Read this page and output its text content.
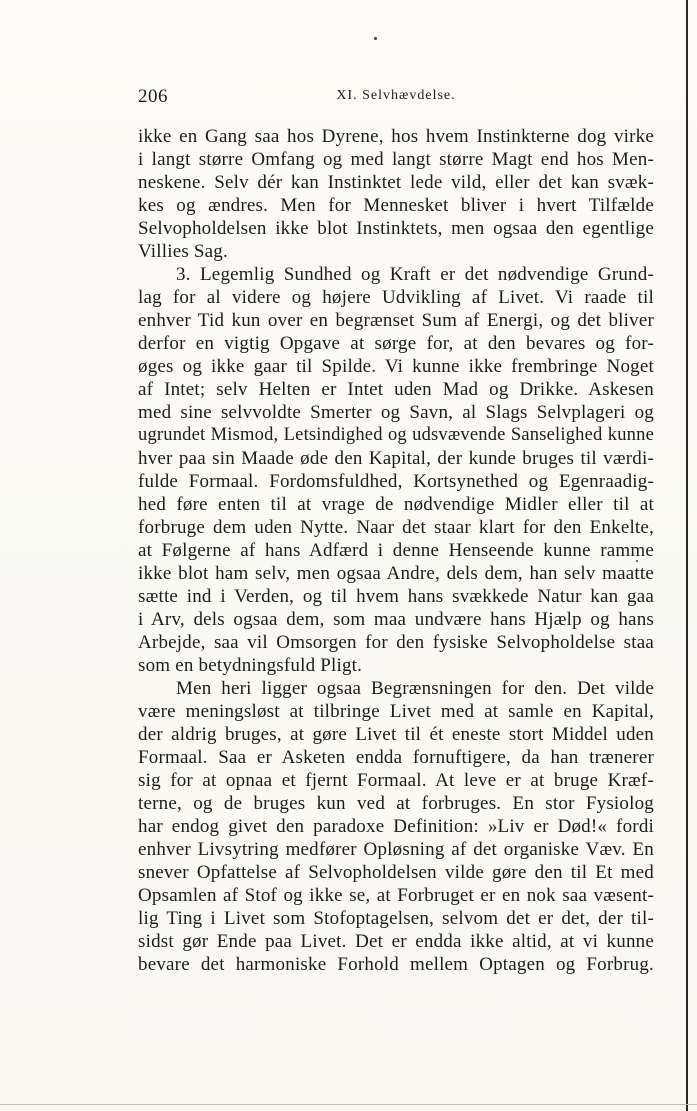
206	XI. Selvhævdelse.
ikke en Gang saa hos Dyrene, hos hvem Instinkterne dog virke
i langt større Omfang og med langt større Magt end hos Men-
neskene. Selv dér kan Instinktet lede vild, eller det kan svæk-
kes og ændres. Men for Mennesket bliver i hvert Tilfælde
Selvopholdelsen ikke blot Instinktets, men ogsaa den egentlige
Villies Sag.
3. Legemlig Sundhed og Kraft er det nødvendige Grund-
lag for al videre og højere Udvikling af Livet. Vi raade til
enhver Tid kun over en begrænset Sum af Energi, og det bliver
derfor en vigtig Opgave at sørge for, at den bevares og for-
øges og ikke gaar til Spilde. Vi kunne ikke frembringe Noget
af Intet; selv Helten er Intet uden Mad og Drikke. Askesen
med sine selvvoldte Smerter og Savn, al Slags Selvplageri og
ugrundet Mismod, Letsindighed og udsvævende Sanselighed kunne
hver paa sin Maade øde den Kapital, der kunde bruges til værdi-
fulde Formaal. Fordomsfuldhed, Kortsynethed og Egenraadig-
hed føre enten til at vrage de nødvendige Midler eller til at
forbruge dem uden Nytte. Naar det staar klart for den Enkelte,
at Følgerne af hans Adfærd i denne Henseende kunne ramme
ikke blot ham selv, men ogsaa Andre, dels dem, han selv maatte
sætte ind i Verden, og til hvem hans svækkede Natur kan gaa
i Arv, dels ogsaa dem, som maa undvære hans Hjælp og hans
Arbejde, saa vil Omsorgen for den fysiske Selvopholdelse staa
som en betydningsfuld Pligt.
Men heri ligger ogsaa Begrænsningen for den. Det vilde
være meningsløst at tilbringe Livet med at samle en Kapital,
der aldrig bruges, at gøre Livet til ét eneste stort Middel uden
Formaal. Saa er Asketen endda fornuftigere, da han trænerer
sig for at opnaa et fjernt Formaal. At leve er at bruge Kræf-
terne, og de bruges kun ved at forbruges. En stor Fysiolog
har endog givet den paradoxe Definition: »Liv er Død!« fordi
enhver Livsytring medfører Opløsning af det organiske Væv. En
snever Opfattelse af Selvopholdelsen vilde gøre den til Et med
Opsamlen af Stof og ikke se, at Forbruget er en nok saa væsent-
lig Ting i Livet som Stofoptagelsen, selvom det er det, der til-
sidst gør Ende paa Livet. Det er endda ikke altid, at vi kunne
bevare det harmoniske Forhold mellem Optagen og Forbrug.
